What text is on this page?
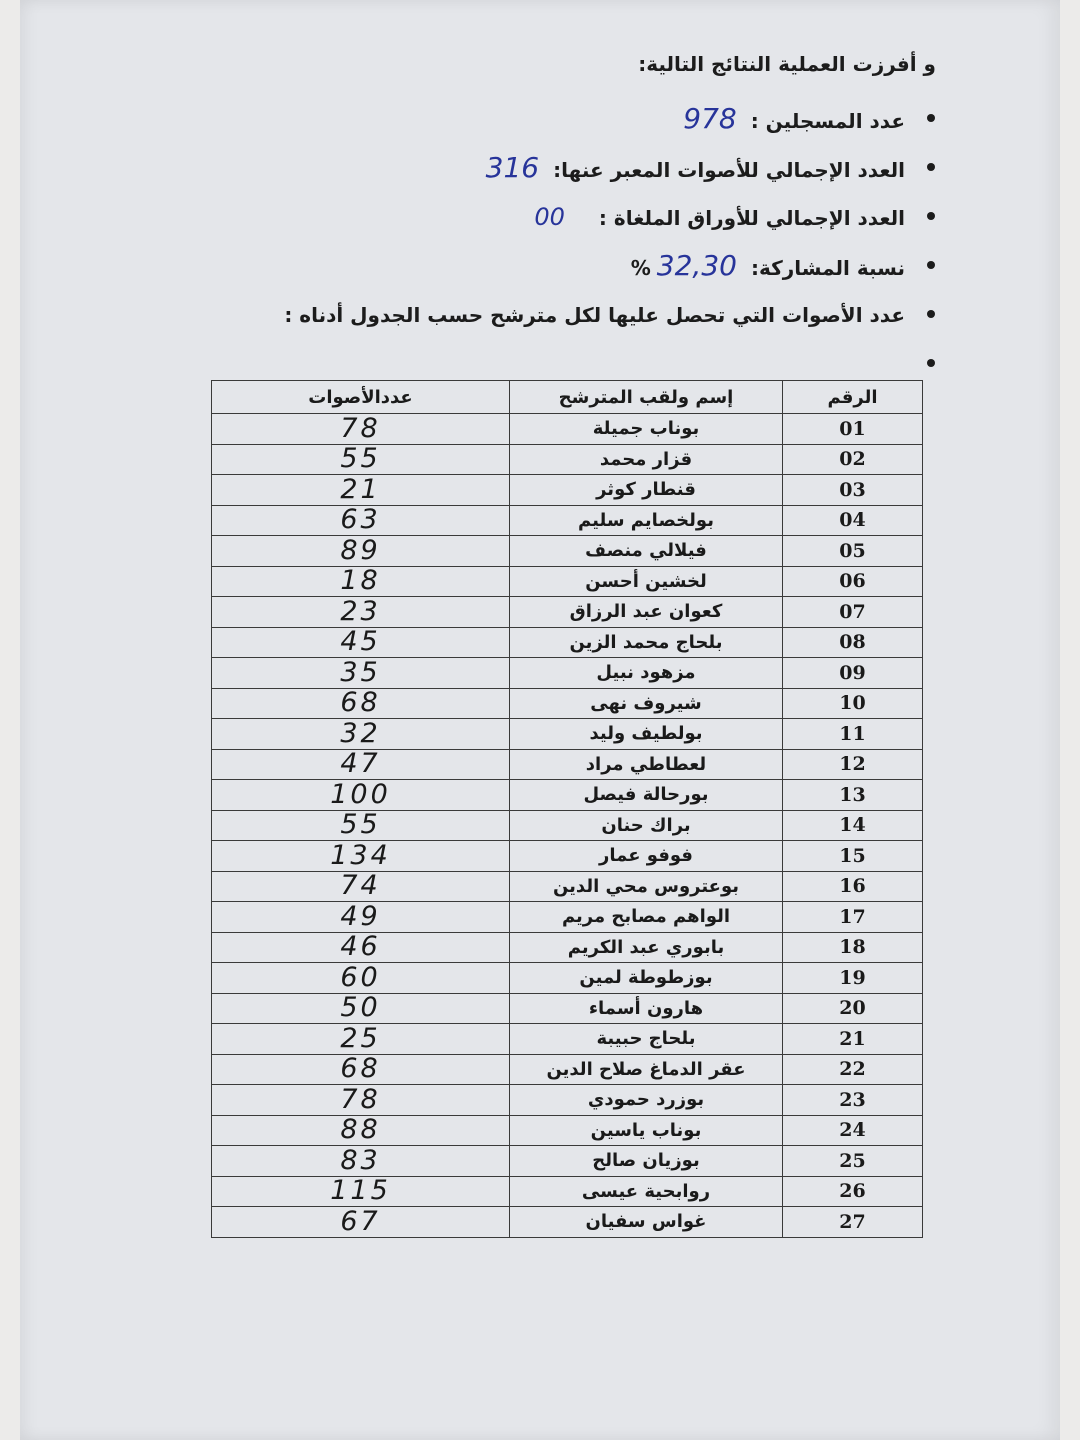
و أفرزت العملية النتائج التالية:
عدد المسجلين :978
العدد الإجمالي للأصوات المعبر عنها:316
العدد الإجمالي للأوراق الملغاة :00
نسبة المشاركة:32,30%
عدد الأصوات التي تحصل عليها لكل مترشح حسب الجدول أدناه :
الرقم	إسم ولقب المترشح	عددالأصوات
01	بوناب جميلة	78
02	قزار محمد	55
03	قنطار كوثر	21
04	بولخصايم سليم	63
05	فيلالي منصف	89
06	لخشين أحسن	18
07	كعوان عبد الرزاق	23
08	بلحاج محمد الزين	45
09	مزهود نبيل	35
10	شيروف نهى	68
11	بولطيف وليد	32
12	لعطاطي مراد	47
13	بورحالة فيصل	100
14	براك حنان	55
15	فوفو عمار	134
16	بوعتروس محي الدين	74
17	الواهم مصابح مريم	49
18	بابوري عبد الكريم	46
19	بوزطوطة لمين	60
20	هارون أسماء	50
21	بلحاج حبيبة	25
22	عقر الدماغ صلاح الدين	68
23	بوزرد حمودي	78
24	بوناب ياسين	88
25	بوزيان صالح	83
26	روابحية عيسى	115
27	غواس سفيان	67
